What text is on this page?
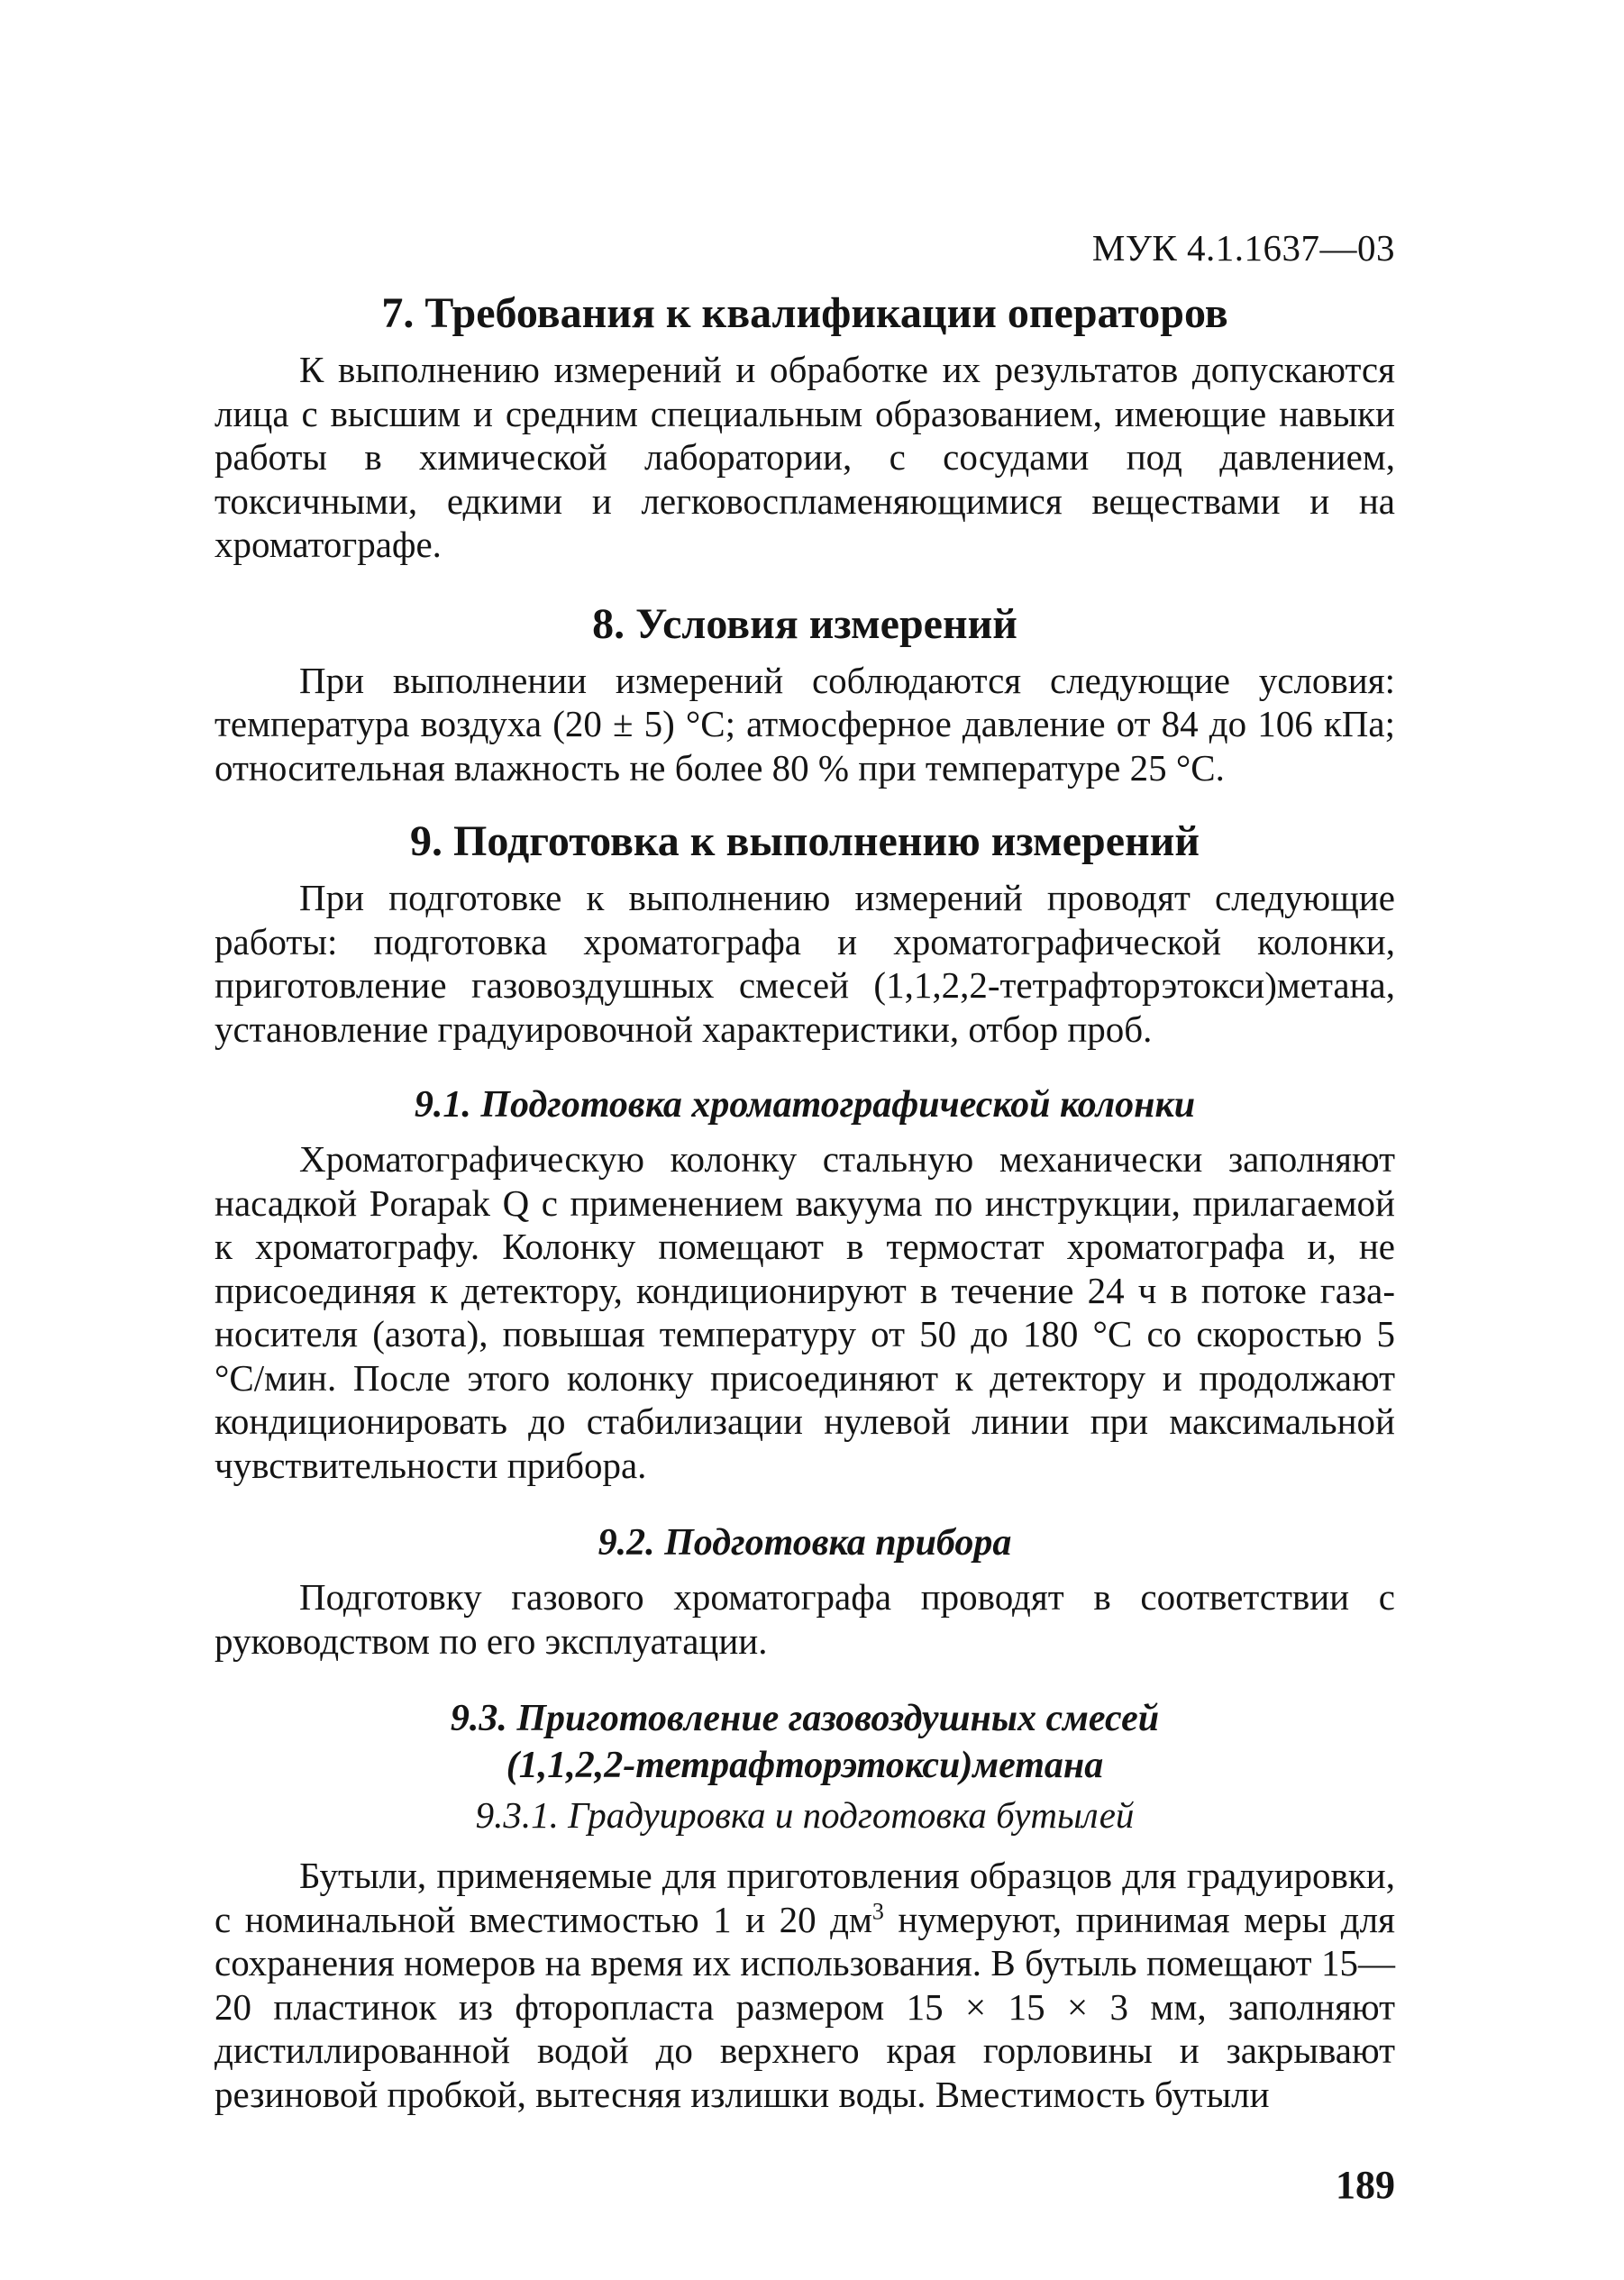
МУК 4.1.1637—03
7. Требования к квалификации операторов

К выполнению измерений и обработке их результатов допускаются лица с высшим и средним специальным образованием, имеющие навыки работы в химической лаборатории, с сосудами под давлением, токсичными, едкими и легковоспламеняющимися веществами и на хроматографе.

8. Условия измерений

При выполнении измерений соблюдаются следующие условия: температура воздуха (20 ± 5) °С; атмосферное давление от 84 до 106 кПа; относительная влажность не более 80 % при температуре 25 °С.

9. Подготовка к выполнению измерений

При подготовке к выполнению измерений проводят следующие работы: подготовка хроматографа и хроматографической колонки, приготовление газовоздушных смесей (1,1,2,2-тетрафторэтокси)метана, установление градуировочной характеристики, отбор проб.

9.1. Подготовка хроматографической колонки

Хроматографическую колонку стальную механически заполняют насадкой Porapak Q с применением вакуума по инструкции, прилагаемой к хроматографу. Колонку помещают в термостат хроматографа и, не присоединяя к детектору, кондиционируют в течение 24 ч в потоке газа-носителя (азота), повышая температуру от 50 до 180 °С со скоростью 5 °С/мин. После этого колонку присоединяют к детектору и продолжают кондиционировать до стабилизации нулевой линии при максимальной чувствительности прибора.

9.2. Подготовка прибора

Подготовку газового хроматографа проводят в соответствии с руководством по его эксплуатации.

9.3. Приготовление газовоздушных смесей
(1,1,2,2-тетрафторэтокси)метана
9.3.1. Градуировка и подготовка бутылей

Бутыли, применяемые для приготовления образцов для градуировки, с номинальной вместимостью 1 и 20 $дм^3$ нумеруют, принимая меры для сохранения номеров на время их использования. В бутыль помещают 15—20 пластинок из фторопласта размером 15 × 15 × 3 мм, заполняют дистиллированной водой до верхнего края горловины и закрывают резиновой пробкой, вытесняя излишки воды. Вместимость бутыли

189
